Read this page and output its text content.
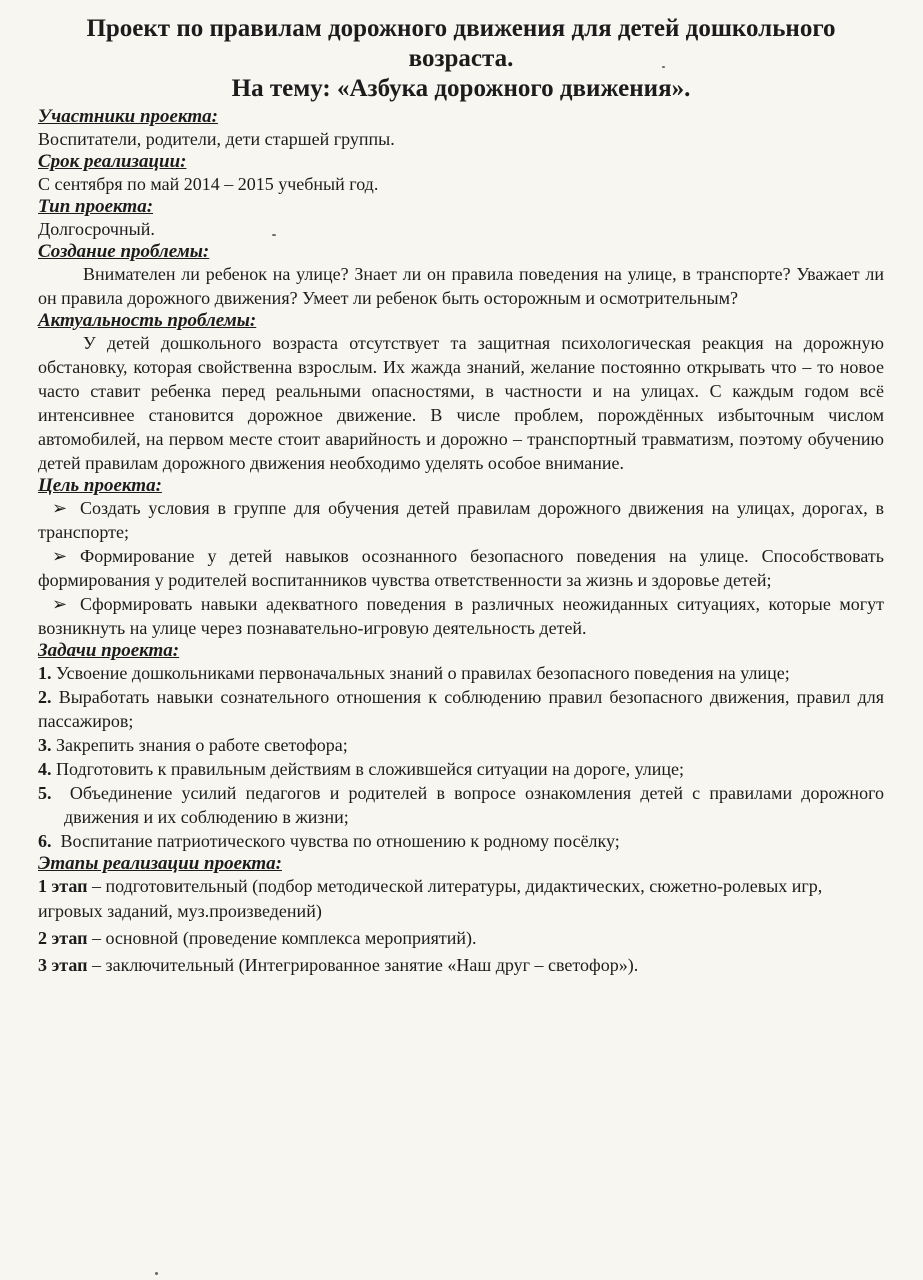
Проект по правилам дорожного движения для детей дошкольного возраста.

На тему: «Азбука дорожного движения».

Участники проекта:

Воспитатели, родители, дети старшей группы.

Срок реализации:

С сентября по май 2014 – 2015 учебный год.

Тип проекта:

Долгосрочный.

Создание проблемы:

Внимателен ли ребенок на улице? Знает ли он правила поведения на улице, в транспорте? Уважает ли он правила дорожного движения? Умеет ли ребенок быть осторожным и осмотрительным?

Актуальность проблемы:

У детей дошкольного возраста отсутствует та защитная психологическая реакция на дорожную обстановку, которая свойственна взрослым. Их жажда знаний, желание постоянно открывать что – то новое часто ставит ребенка перед реальными опасностями, в частности и на улицах. С каждым годом всё интенсивнее становится дорожное движение. В числе проблем, порождённых избыточным числом автомобилей, на первом месте стоит аварийность и дорожно – транспортный травматизм, поэтому обучению детей правилам дорожного движения необходимо уделять особое внимание.

Цель проекта:

➢ Создать условия в группе для обучения детей правилам дорожного движения на улицах, дорогах, в транспорте;

➢ Формирование у детей навыков осознанного безопасного поведения на улице. Способствовать формирования у родителей воспитанников чувства ответственности за жизнь и здоровье детей;

➢ Сформировать навыки адекватного поведения в различных неожиданных ситуациях, которые могут возникнуть на улице через познавательно-игровую деятельность детей.

Задачи проекта:

1. Усвоение дошкольниками первоначальных знаний о правилах безопасного поведения на улице;

2. Выработать навыки сознательного отношения к соблюдению правил безопасного движения, правил для пассажиров;

3. Закрепить знания о работе светофора;

4. Подготовить к правильным действиям в сложившейся ситуации на дороге, улице;

5. Объединение усилий педагогов и родителей в вопросе ознакомления детей с правилами дорожного движения и их соблюдению в жизни;

6. Воспитание патриотического чувства по отношению к родному посёлку;

Этапы реализации проекта:

1 этап – подготовительный (подбор методической литературы, дидактических, сюжетно-ролевых игр, игровых заданий, муз.произведений)

2 этап – основной (проведение комплекса мероприятий).

3 этап – заключительный (Интегрированное занятие «Наш друг – светофор»).
